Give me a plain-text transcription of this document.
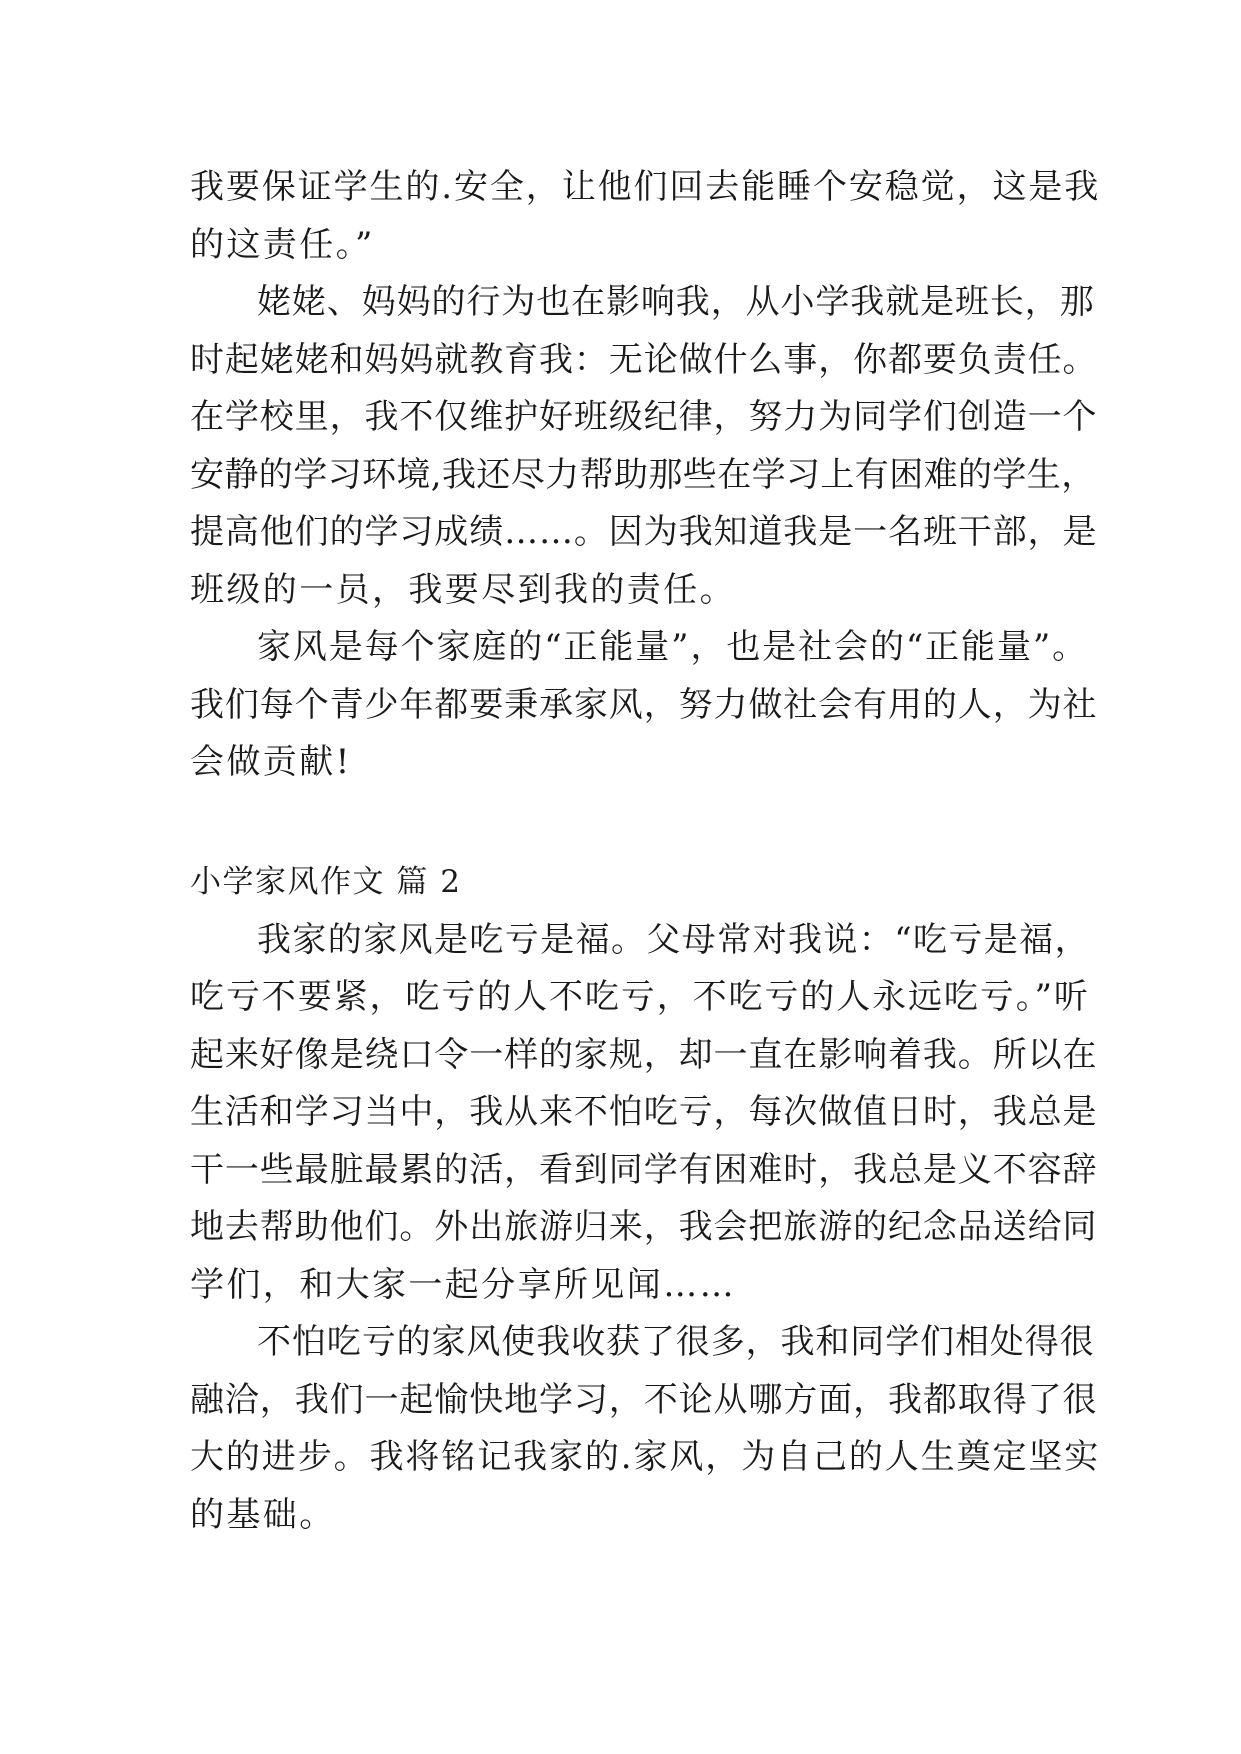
我要保证学生的.安全，让他们回去能睡个安稳觉，这是我
的这责任。”
姥姥、妈妈的行为也在影响我，从小学我就是班长，那
时起姥姥和妈妈就教育我：无论做什么事，你都要负责任。
在学校里，我不仅维护好班级纪律，努力为同学们创造一个
安静的学习环境,我还尽力帮助那些在学习上有困难的学生，
提高他们的学习成绩……。因为我知道我是一名班干部，是
班级的一员，我要尽到我的责任。
家风是每个家庭的“正能量”，也是社会的“正能量”。
我们每个青少年都要秉承家风，努力做社会有用的人，为社
会做贡献!
小学家风作文 篇 2
我家的家风是吃亏是福。父母常对我说：“吃亏是福，
吃亏不要紧，吃亏的人不吃亏，不吃亏的人永远吃亏。”听
起来好像是绕口令一样的家规，却一直在影响着我。所以在
生活和学习当中，我从来不怕吃亏，每次做值日时，我总是
干一些最脏最累的活，看到同学有困难时，我总是义不容辞
地去帮助他们。外出旅游归来，我会把旅游的纪念品送给同
学们，和大家一起分享所见闻……
不怕吃亏的家风使我收获了很多，我和同学们相处得很
融洽，我们一起愉快地学习，不论从哪方面，我都取得了很
大的进步。我将铭记我家的.家风，为自己的人生奠定坚实
的基础。
